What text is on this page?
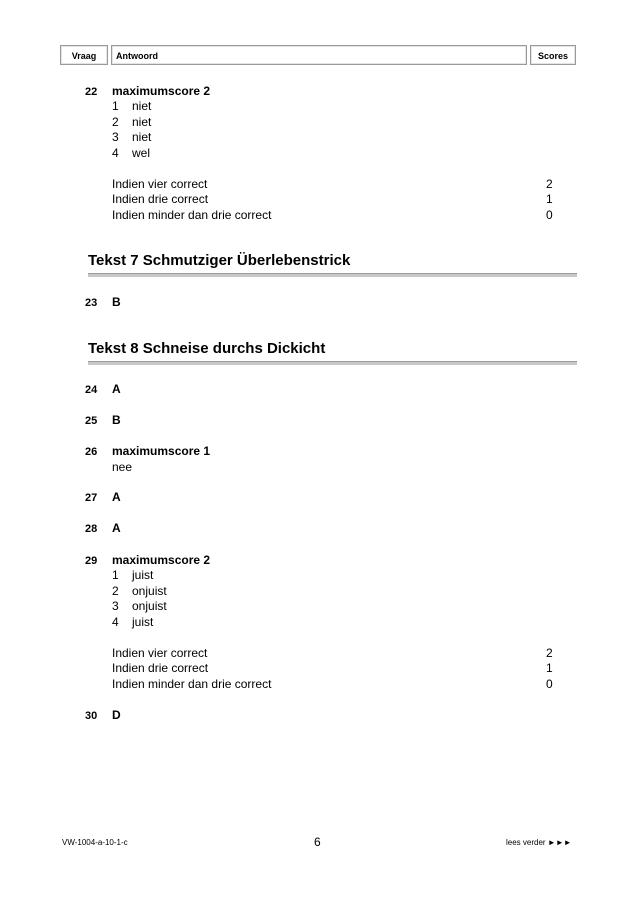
Vraag	Antwoord	Scores
22 maximumscore 2
1 niet
2 niet
3 niet
4 wel
Indien vier correct	2
Indien drie correct	1
Indien minder dan drie correct	0
Tekst 7 Schmutziger Überlebenstrick
23 B
Tekst 8 Schneise durchs Dickicht
24 A
25 B
26 maximumscore 1
nee
27 A
28 A
29 maximumscore 2
1 juist
2 onjuist
3 onjuist
4 juist
Indien vier correct	2
Indien drie correct	1
Indien minder dan drie correct	0
30 D
VW-1004-a-10-1-c	6	lees verder ►►►
